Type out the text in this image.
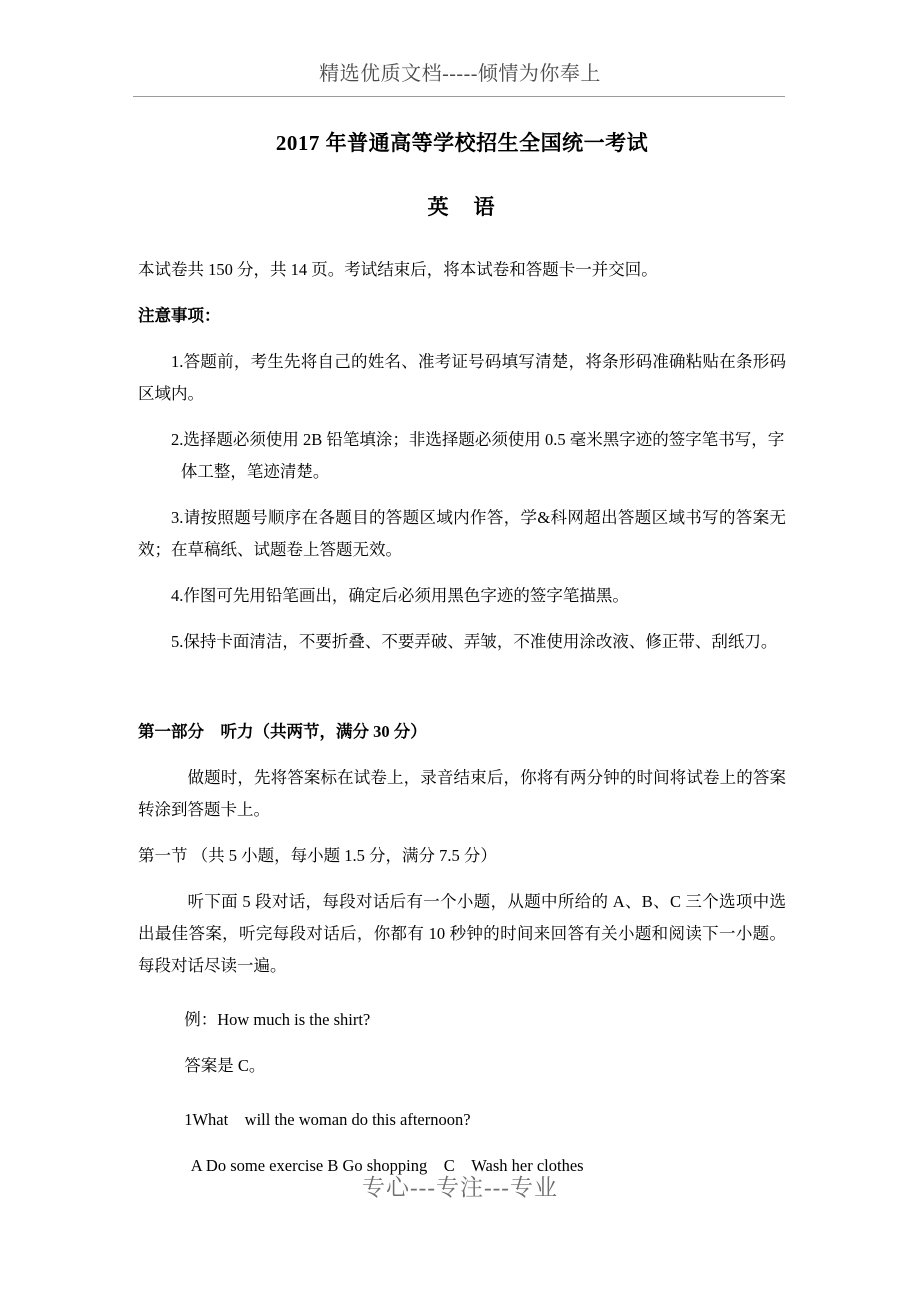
精选优质文档-----倾情为你奉上
2017 年普通高等学校招生全国统一考试
英　语

本试卷共 150 分，共 14 页。考试结束后，将本试卷和答题卡一并交回。

注意事项：

1.答题前，考生先将自己的姓名、准考证号码填写清楚，将条形码准确粘贴在条形码区域内。

2.选择题必须使用 2B 铅笔填涂；非选择题必须使用 0.5 毫米黑字迹的签字笔书写，字

体工整，笔迹清楚。

3.请按照题号顺序在各题目的答题区域内作答，学&科网超出答题区域书写的答案无效；在草稿纸、试题卷上答题无效。

4.作图可先用铅笔画出，确定后必须用黑色字迹的签字笔描黑。

5.保持卡面清洁，不要折叠、不要弄破、弄皱，不准使用涂改液、修正带、刮纸刀。

第一部分　听力（共两节，满分 30 分）

做题时，先将答案标在试卷上，录音结束后，你将有两分钟的时间将试卷上的答案转涂到答题卡上。

第一节 （共 5 小题，每小题 1.5 分，满分 7.5 分）

听下面 5 段对话，每段对话后有一个小题，从题中所给的 A、B、C 三个选项中选出最佳答案，听完每段对话后，你都有 10 秒钟的时间来回答有关小题和阅读下一小题。每段对话尽读一遍。

例：How much is the shirt?

答案是 C。

1What　will the woman do this afternoon?

A Do some exercise B Go shopping　C　Wash her clothes

专心---专注---专业
